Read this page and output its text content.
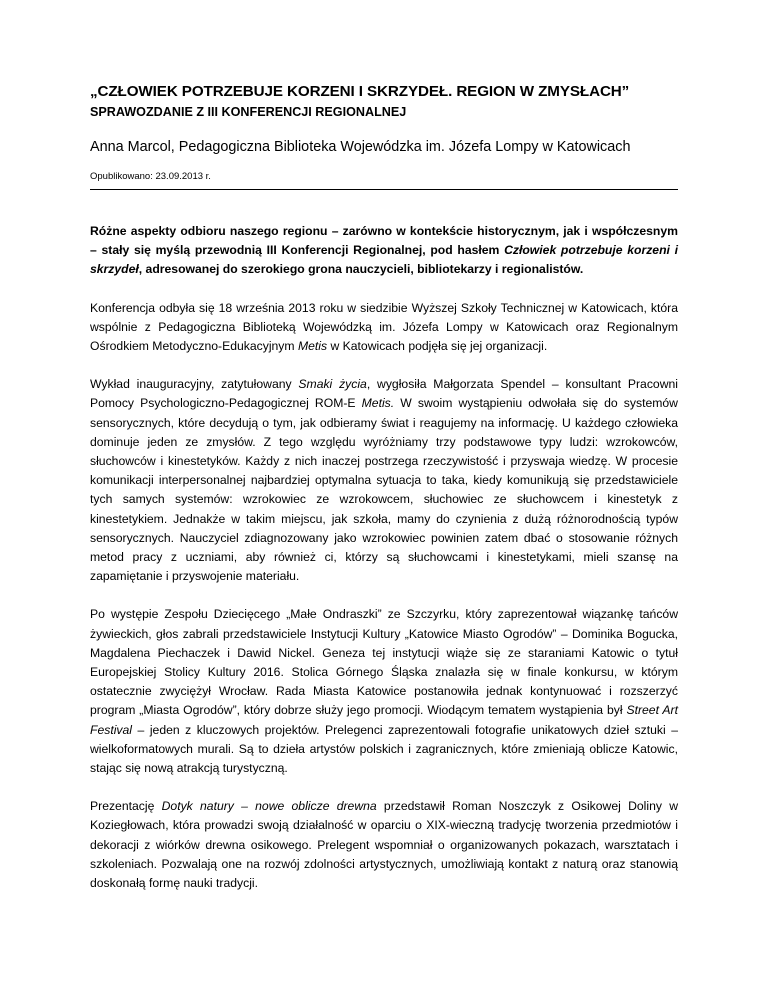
„CZŁOWIEK POTRZEBUJE KORZENI I SKRZYDEŁ. REGION W ZMYSŁACH”
SPRAWOZDANIE Z III KONFERENCJI REGIONALNEJ
Anna Marcol, Pedagogiczna Biblioteka Wojewódzka im. Józefa Lompy w Katowicach
Opublikowano: 23.09.2013 r.

Różne aspekty odbioru naszego regionu – zarówno w kontekście historycznym, jak i współczesnym – stały się myślą przewodnią III Konferencji Regionalnej, pod hasłem Człowiek potrzebuje korzeni i skrzydeł, adresowanej do szerokiego grona nauczycieli, bibliotekarzy i regionalistów.

Konferencja odbyła się 18 września 2013 roku w siedzibie Wyższej Szkoły Technicznej w Katowicach, która wspólnie z Pedagogiczna Biblioteką Wojewódzką im. Józefa Lompy w Katowicach oraz Regionalnym Ośrodkiem Metodyczno-Edukacyjnym Metis w Katowicach podjęła się jej organizacji.

Wykład inauguracyjny, zatytułowany Smaki życia, wygłosiła Małgorzata Spendel – konsultant Pracowni Pomocy Psychologiczno-Pedagogicznej ROM-E Metis. W swoim wystąpieniu odwołała się do systemów sensorycznych, które decydują o tym, jak odbieramy świat i reagujemy na informację. U każdego człowieka dominuje jeden ze zmysłów. Z tego względu wyróżniamy trzy podstawowe typy ludzi: wzrokowców, słuchowców i kinestetyków. Każdy z nich inaczej postrzega rzeczywistość i przyswaja wiedzę. W procesie komunikacji interpersonalnej najbardziej optymalna sytuacja to taka, kiedy komunikują się przedstawiciele tych samych systemów: wzrokowiec ze wzrokowcem, słuchowiec ze słuchowcem i kinestetyk z kinestetykiem. Jednakże w takim miejscu, jak szkoła, mamy do czynienia z dużą różnorodnością typów sensorycznych. Nauczyciel zdiagnozowany jako wzrokowiec powinien zatem dbać o stosowanie różnych metod pracy z uczniami, aby również ci, którzy są słuchowcami i kinestetykami, mieli szansę na zapamiętanie i przyswojenie materiału.

Po występie Zespołu Dziecięcego „Małe Ondraszki” ze Szczyrku, który zaprezentował wiązankę tańców żywieckich, głos zabrali przedstawiciele Instytucji Kultury „Katowice Miasto Ogrodów” – Dominika Bogucka, Magdalena Piechaczek i Dawid Nickel. Geneza tej instytucji wiąże się ze staraniami Katowic o tytuł Europejskiej Stolicy Kultury 2016. Stolica Górnego Śląska znalazła się w finale konkursu, w którym ostatecznie zwyciężył Wrocław. Rada Miasta Katowice postanowiła jednak kontynuować i rozszerzyć program „Miasta Ogrodów”, który dobrze służy jego promocji. Wiodącym tematem wystąpienia był Street Art Festival – jeden z kluczowych projektów. Prelegenci zaprezentowali fotografie unikatowych dzieł sztuki – wielkoformatowych murali. Są to dzieła artystów polskich i zagranicznych, które zmieniają oblicze Katowic, stając się nową atrakcją turystyczną.

Prezentację Dotyk natury – nowe oblicze drewna przedstawił Roman Noszczyk z Osikowej Doliny w Koziegłowach, która prowadzi swoją działalność w oparciu o XIX-wieczną tradycję tworzenia przedmiotów i dekoracji z wiórków drewna osikowego. Prelegent wspomniał o organizowanych pokazach, warsztatach i szkoleniach. Pozwalają one na rozwój zdolności artystycznych, umożliwiają kontakt z naturą oraz stanowią doskonałą formę nauki tradycji.
